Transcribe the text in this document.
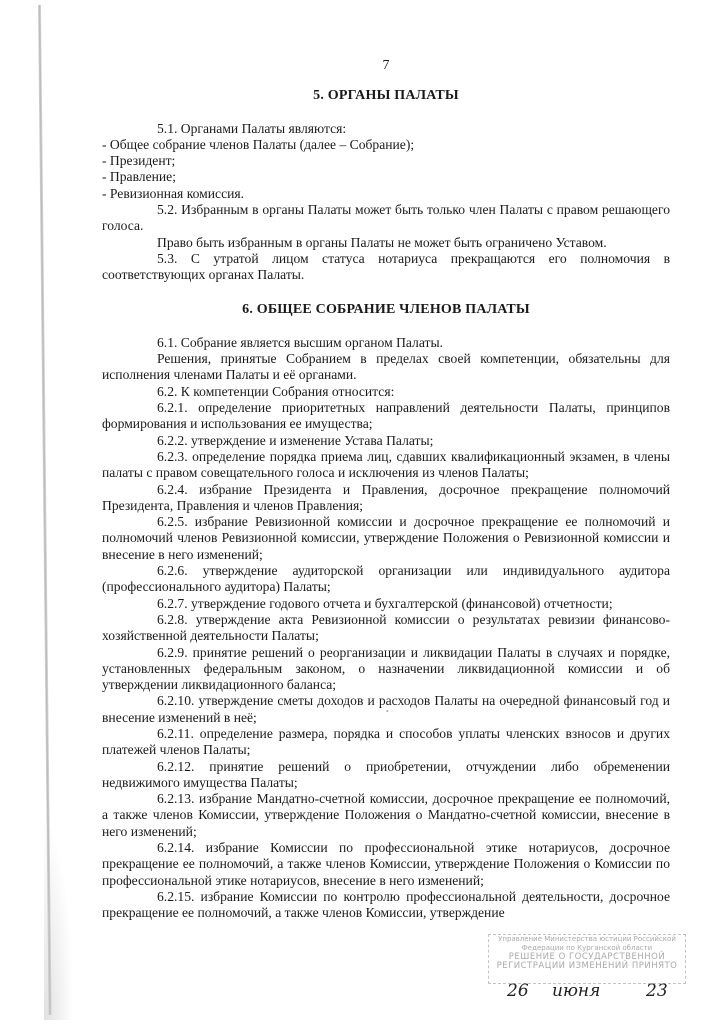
7
5. ОРГАНЫ ПАЛАТЫ

5.1. Органами Палаты являются:

- Общее собрание членов Палаты (далее – Собрание);

- Президент;

- Правление;

- Ревизионная комиссия.

5.2. Избранным в органы Палаты может быть только член Палаты с правом решающего голоса.

Право быть избранным в органы Палаты не может быть ограничено Уставом.

5.3. С утратой лицом статуса нотариуса прекращаются его полномочия в соответствующих органах Палаты.

6. ОБЩЕЕ СОБРАНИЕ ЧЛЕНОВ ПАЛАТЫ

6.1. Собрание является высшим органом Палаты.

Решения, принятые Собранием в пределах своей компетенции, обязательны для исполнения членами Палаты и её органами.

6.2. К компетенции Собрания относится:

6.2.1. определение приоритетных направлений деятельности Палаты, принципов формирования и использования ее имущества;

6.2.2. утверждение и изменение Устава Палаты;

6.2.3. определение порядка приема лиц, сдавших квалификационный экзамен, в члены палаты с правом совещательного голоса и исключения из членов Палаты;

6.2.4. избрание Президента и Правления, досрочное прекращение полномочий Президента, Правления и членов Правления;

6.2.5. избрание Ревизионной комиссии и досрочное прекращение ее полномочий и полномочий членов Ревизионной комиссии, утверждение Положения о Ревизионной комиссии и внесение в него изменений;

6.2.6. утверждение аудиторской организации или индивидуального аудитора (профессионального аудитора) Палаты;

6.2.7. утверждение годового отчета и бухгалтерской (финансовой) отчетности;

6.2.8. утверждение акта Ревизионной комиссии о результатах ревизии финансово-хозяйственной деятельности Палаты;

6.2.9. принятие решений о реорганизации и ликвидации Палаты в случаях и порядке, установленных федеральным законом, о назначении ликвидационной комиссии и об утверждении ликвидационного баланса;

6.2.10. утверждение сметы доходов и расходов Палаты на очередной финансовый год и внесение изменений в неё;

6.2.11. определение размера, порядка и способов уплаты членских взносов и других платежей членов Палаты;

6.2.12. принятие решений о приобретении, отчуждении либо обременении недвижимого имущества Палаты;

6.2.13. избрание Мандатно-счетной комиссии, досрочное прекращение ее полномочий, а также членов Комиссии, утверждение Положения о Мандатно-счетной комиссии, внесение в него изменений;

6.2.14. избрание Комиссии по профессиональной этике нотариусов, досрочное прекращение ее полномочий, а также членов Комиссии, утверждение Положения о Комиссии по профессиональной этике нотариусов, внесение в него изменений;

6.2.15. избрание Комиссии по контролю профессиональной деятельности, досрочное прекращение ее полномочий, а также членов Комиссии, утверждение

• ·
Управление Министерства юстиции Российской
Федерации по Курганской области
РЕШЕНИЕ О ГОСУДАРСТВЕННОЙ
РЕГИСТРАЦИИ ИЗМЕНЕНИЙ ПРИНЯТО
26 июня	23
